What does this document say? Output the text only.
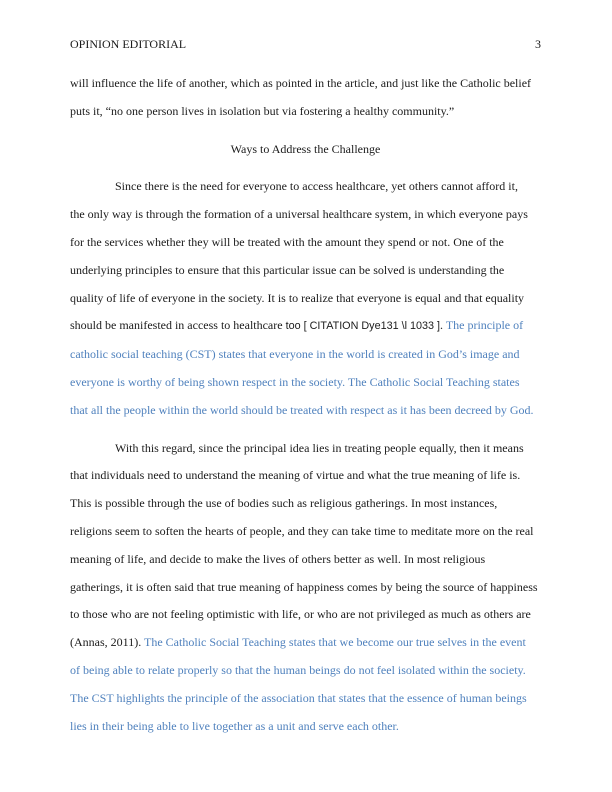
OPINION EDITORIAL	3
will influence the life of another, which as pointed in the article, and just like the Catholic belief
puts it, “no one person lives in isolation but via fostering a healthy community.”
Ways to Address the Challenge
Since there is the need for everyone to access healthcare, yet others cannot afford it,
the only way is through the formation of a universal healthcare system, in which everyone pays
for the services whether they will be treated with the amount they spend or not. One of the
underlying principles to ensure that this particular issue can be solved is understanding the
quality of life of everyone in the society. It is to realize that everyone is equal and that equality
should be manifested in access to healthcare too [ CITATION Dye131 \l 1033 ]. The principle of
catholic social teaching (CST) states that everyone in the world is created in God’s image and
everyone is worthy of being shown respect in the society. The Catholic Social Teaching states
that all the people within the world should be treated with respect as it has been decreed by God.
With this regard, since the principal idea lies in treating people equally, then it means
that individuals need to understand the meaning of virtue and what the true meaning of life is.
This is possible through the use of bodies such as religious gatherings. In most instances,
religions seem to soften the hearts of people, and they can take time to meditate more on the real
meaning of life, and decide to make the lives of others better as well. In most religious
gatherings, it is often said that true meaning of happiness comes by being the source of happiness
to those who are not feeling optimistic with life, or who are not privileged as much as others are
(Annas, 2011). The Catholic Social Teaching states that we become our true selves in the event
of being able to relate properly so that the human beings do not feel isolated within the society.
The CST highlights the principle of the association that states that the essence of human beings
lies in their being able to live together as a unit and serve each other.
